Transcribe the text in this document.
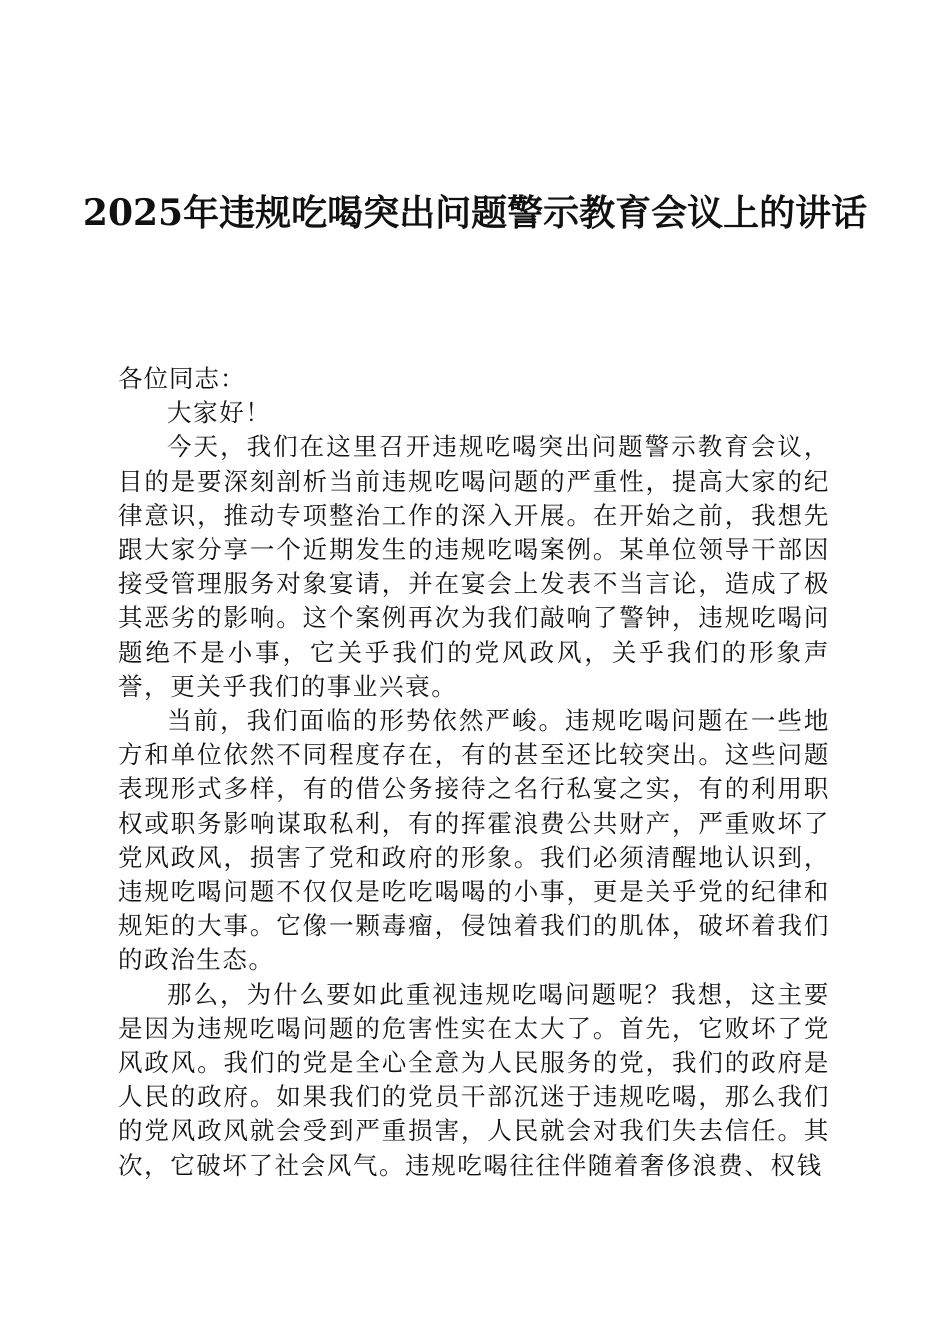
2025年违规吃喝突出问题警示教育会议上的讲话

各位同志：

大家好！

今天，我们在这里召开违规吃喝突出问题警示教育会议，目的是要深刻剖析当前违规吃喝问题的严重性，提高大家的纪律意识，推动专项整治工作的深入开展。在开始之前，我想先跟大家分享一个近期发生的违规吃喝案例。某单位领导干部因接受管理服务对象宴请，并在宴会上发表不当言论，造成了极其恶劣的影响。这个案例再次为我们敲响了警钟，违规吃喝问题绝不是小事，它关乎我们的党风政风，关乎我们的形象声誉，更关乎我们的事业兴衰。

当前，我们面临的形势依然严峻。违规吃喝问题在一些地方和单位依然不同程度存在，有的甚至还比较突出。这些问题表现形式多样，有的借公务接待之名行私宴之实，有的利用职权或职务影响谋取私利，有的挥霍浪费公共财产，严重败坏了党风政风，损害了党和政府的形象。我们必须清醒地认识到，违规吃喝问题不仅仅是吃吃喝喝的小事，更是关乎党的纪律和规矩的大事。它像一颗毒瘤，侵蚀着我们的肌体，破坏着我们的政治生态。

那么，为什么要如此重视违规吃喝问题呢？我想，这主要是因为违规吃喝问题的危害性实在太大了。首先，它败坏了党风政风。我们的党是全心全意为人民服务的党，我们的政府是人民的政府。如果我们的党员干部沉迷于违规吃喝，那么我们的党风政风就会受到严重损害，人民就会对我们失去信任。其次，它破坏了社会风气。违规吃喝往往伴随着奢侈浪费、权钱
